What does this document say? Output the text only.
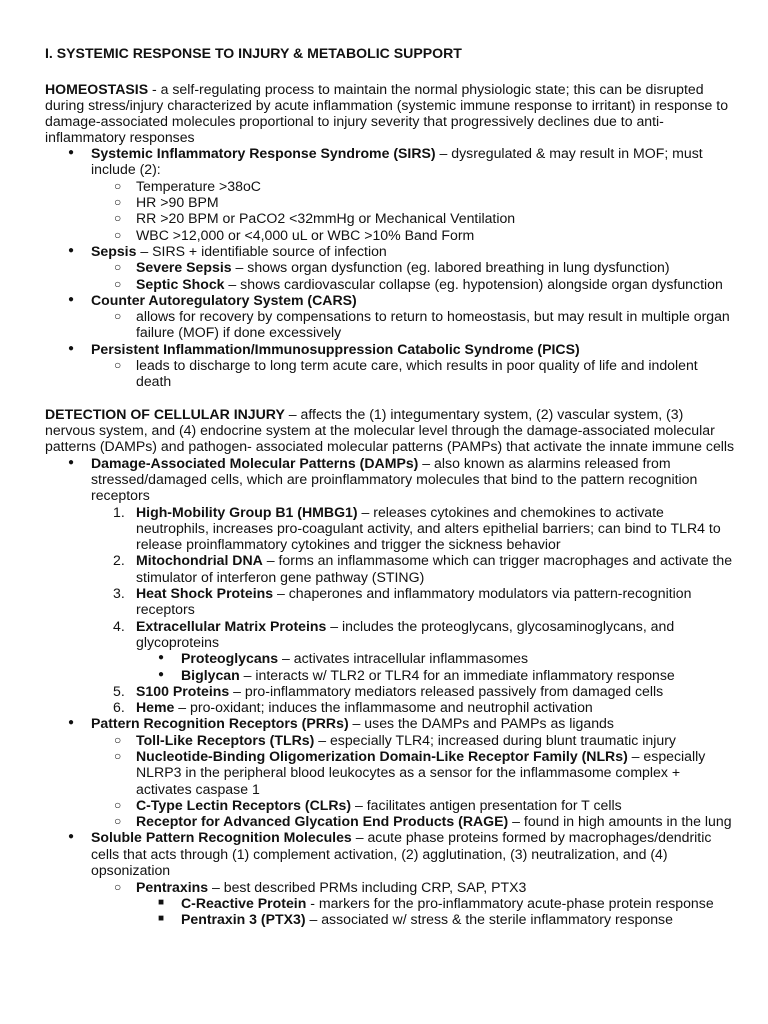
I. SYSTEMIC RESPONSE TO INJURY & METABOLIC SUPPORT
HOMEOSTASIS - a self-regulating process to maintain the normal physiologic state; this can be disrupted
during stress/injury characterized by acute inflammation (systemic immune response to irritant) in response to
damage-associated molecules proportional to injury severity that progressively declines due to anti-
inflammatory responses
● Systemic Inflammatory Response Syndrome (SIRS) – dysregulated & may result in MOF; must
include (2):
○ Temperature >38oC
○ HR >90 BPM
○ RR >20 BPM or PaCO2 <32mmHg or Mechanical Ventilation
○ WBC >12,000 or <4,000 uL or WBC >10% Band Form
● Sepsis – SIRS + identifiable source of infection
○ Severe Sepsis – shows organ dysfunction (eg. labored breathing in lung dysfunction)
○ Septic Shock – shows cardiovascular collapse (eg. hypotension) alongside organ dysfunction
● Counter Autoregulatory System (CARS)
○ allows for recovery by compensations to return to homeostasis, but may result in multiple organ
failure (MOF) if done excessively
● Persistent Inflammation/Immunosuppression Catabolic Syndrome (PICS)
○ leads to discharge to long term acute care, which results in poor quality of life and indolent
death
DETECTION OF CELLULAR INJURY – affects the (1) integumentary system, (2) vascular system, (3)
nervous system, and (4) endocrine system at the molecular level through the damage-associated molecular
patterns (DAMPs) and pathogen- associated molecular patterns (PAMPs) that activate the innate immune cells
● Damage-Associated Molecular Patterns (DAMPs) – also known as alarmins released from
stressed/damaged cells, which are proinflammatory molecules that bind to the pattern recognition
receptors
1. High-Mobility Group B1 (HMBG1) – releases cytokines and chemokines to activate
neutrophils, increases pro-coagulant activity, and alters epithelial barriers; can bind to TLR4 to
release proinflammatory cytokines and trigger the sickness behavior
2. Mitochondrial DNA – forms an inflammasome which can trigger macrophages and activate the
stimulator of interferon gene pathway (STING)
3. Heat Shock Proteins – chaperones and inflammatory modulators via pattern-recognition
receptors
4. Extracellular Matrix Proteins – includes the proteoglycans, glycosaminoglycans, and
glycoproteins
● Proteoglycans – activates intracellular inflammasomes
● Biglycan – interacts w/ TLR2 or TLR4 for an immediate inflammatory response
5. S100 Proteins – pro-inflammatory mediators released passively from damaged cells
6. Heme – pro-oxidant; induces the inflammasome and neutrophil activation
● Pattern Recognition Receptors (PRRs) – uses the DAMPs and PAMPs as ligands
○ Toll-Like Receptors (TLRs) – especially TLR4; increased during blunt traumatic injury
○ Nucleotide-Binding Oligomerization Domain-Like Receptor Family (NLRs) – especially
NLRP3 in the peripheral blood leukocytes as a sensor for the inflammasome complex +
activates caspase 1
○ C-Type Lectin Receptors (CLRs) – facilitates antigen presentation for T cells
○ Receptor for Advanced Glycation End Products (RAGE) – found in high amounts in the lung
● Soluble Pattern Recognition Molecules – acute phase proteins formed by macrophages/dendritic
cells that acts through (1) complement activation, (2) agglutination, (3) neutralization, and (4)
opsonization
○ Pentraxins – best described PRMs including CRP, SAP, PTX3
■ C-Reactive Protein - markers for the pro-inflammatory acute-phase protein response
■ Pentraxin 3 (PTX3) – associated w/ stress & the sterile inflammatory response
